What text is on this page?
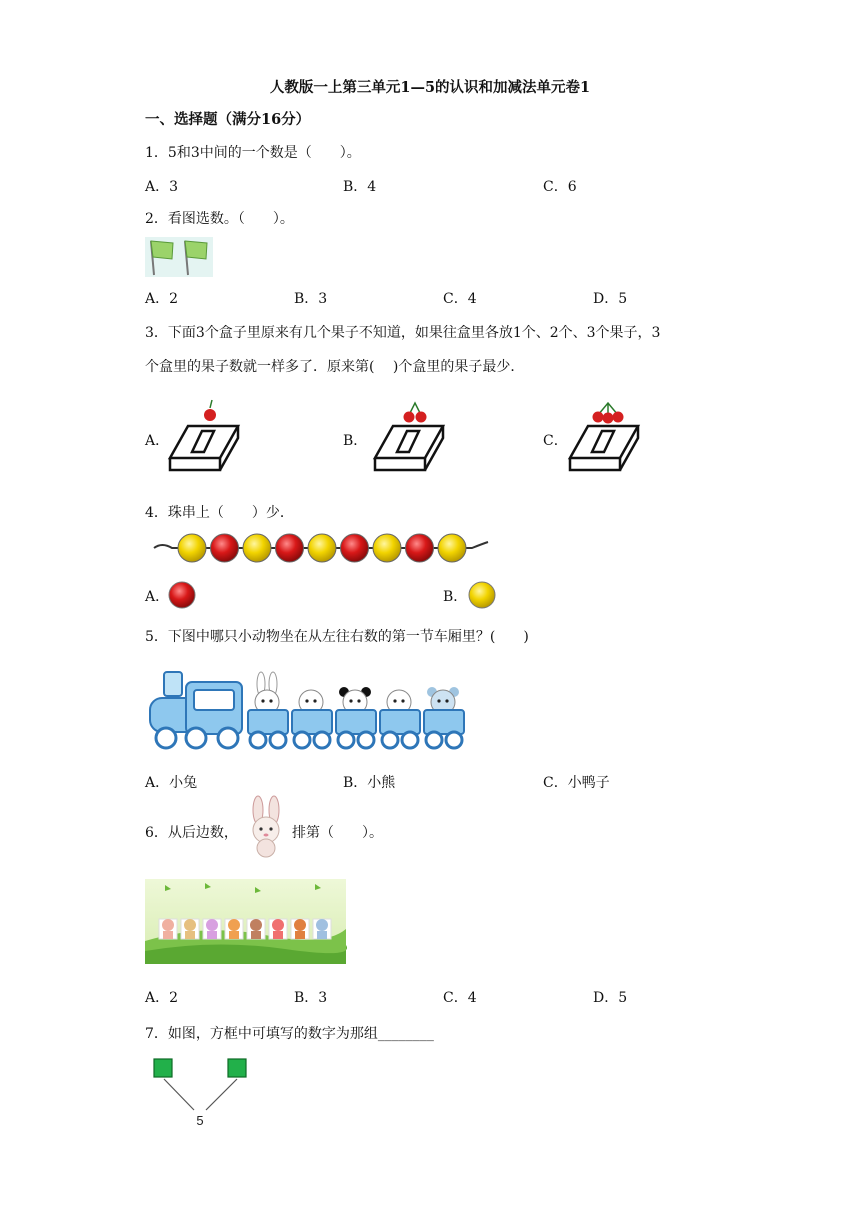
人教版一上第三单元1—5的认识和加减法单元卷1
一、选择题（满分16分）
1．5和3中间的一个数是（　　）。
A．3	B．4	C．6
2．看图选数。（　　）。
A．2	B．3	C．4	D．5
3．下面3个盒子里原来有几个果子不知道，如果往盒里各放1个、2个、3个果子，3
个盒里的果子数就一样多了．原来第(　 )个盒里的果子最少．
A．	B．	C．
4．珠串上（　　）少．
A．	B．
5．下图中哪只小动物坐在从左往右数的第一节车厢里？(　　)
A．小兔	B．小熊	C．小鸭子
6．从后边数，	排第（　　）。
A．2	B．3	C．4	D．5
7．如图，方框中可填写的数字为那组________
5
